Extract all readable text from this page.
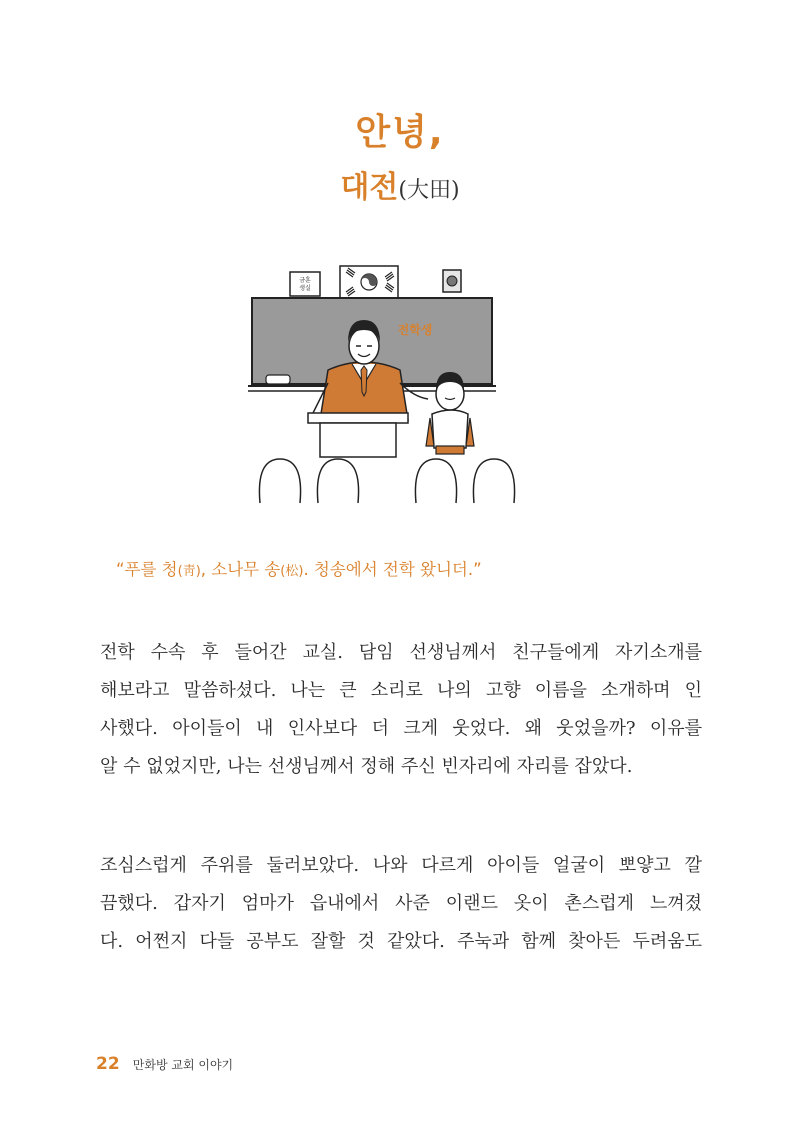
안녕,
대전(大田)
금훈
생실
전학생
“푸를 청(靑), 소나무 송(松). 청송에서 전학 왔니더.”
전학 수속 후 들어간 교실. 담임 선생님께서 친구들에게 자기소개를
해보라고 말씀하셨다. 나는 큰 소리로 나의 고향 이름을 소개하며 인
사했다. 아이들이 내 인사보다 더 크게 웃었다. 왜 웃었을까? 이유를
알 수 없었지만, 나는 선생님께서 정해 주신 빈자리에 자리를 잡았다.
조심스럽게 주위를 둘러보았다. 나와 다르게 아이들 얼굴이 뽀얗고 깔
끔했다. 갑자기 엄마가 읍내에서 사준 이랜드 옷이 촌스럽게 느껴졌
다. 어쩐지 다들 공부도 잘할 것 같았다. 주눅과 함께 찾아든 두려움도
22 만화방 교회 이야기
